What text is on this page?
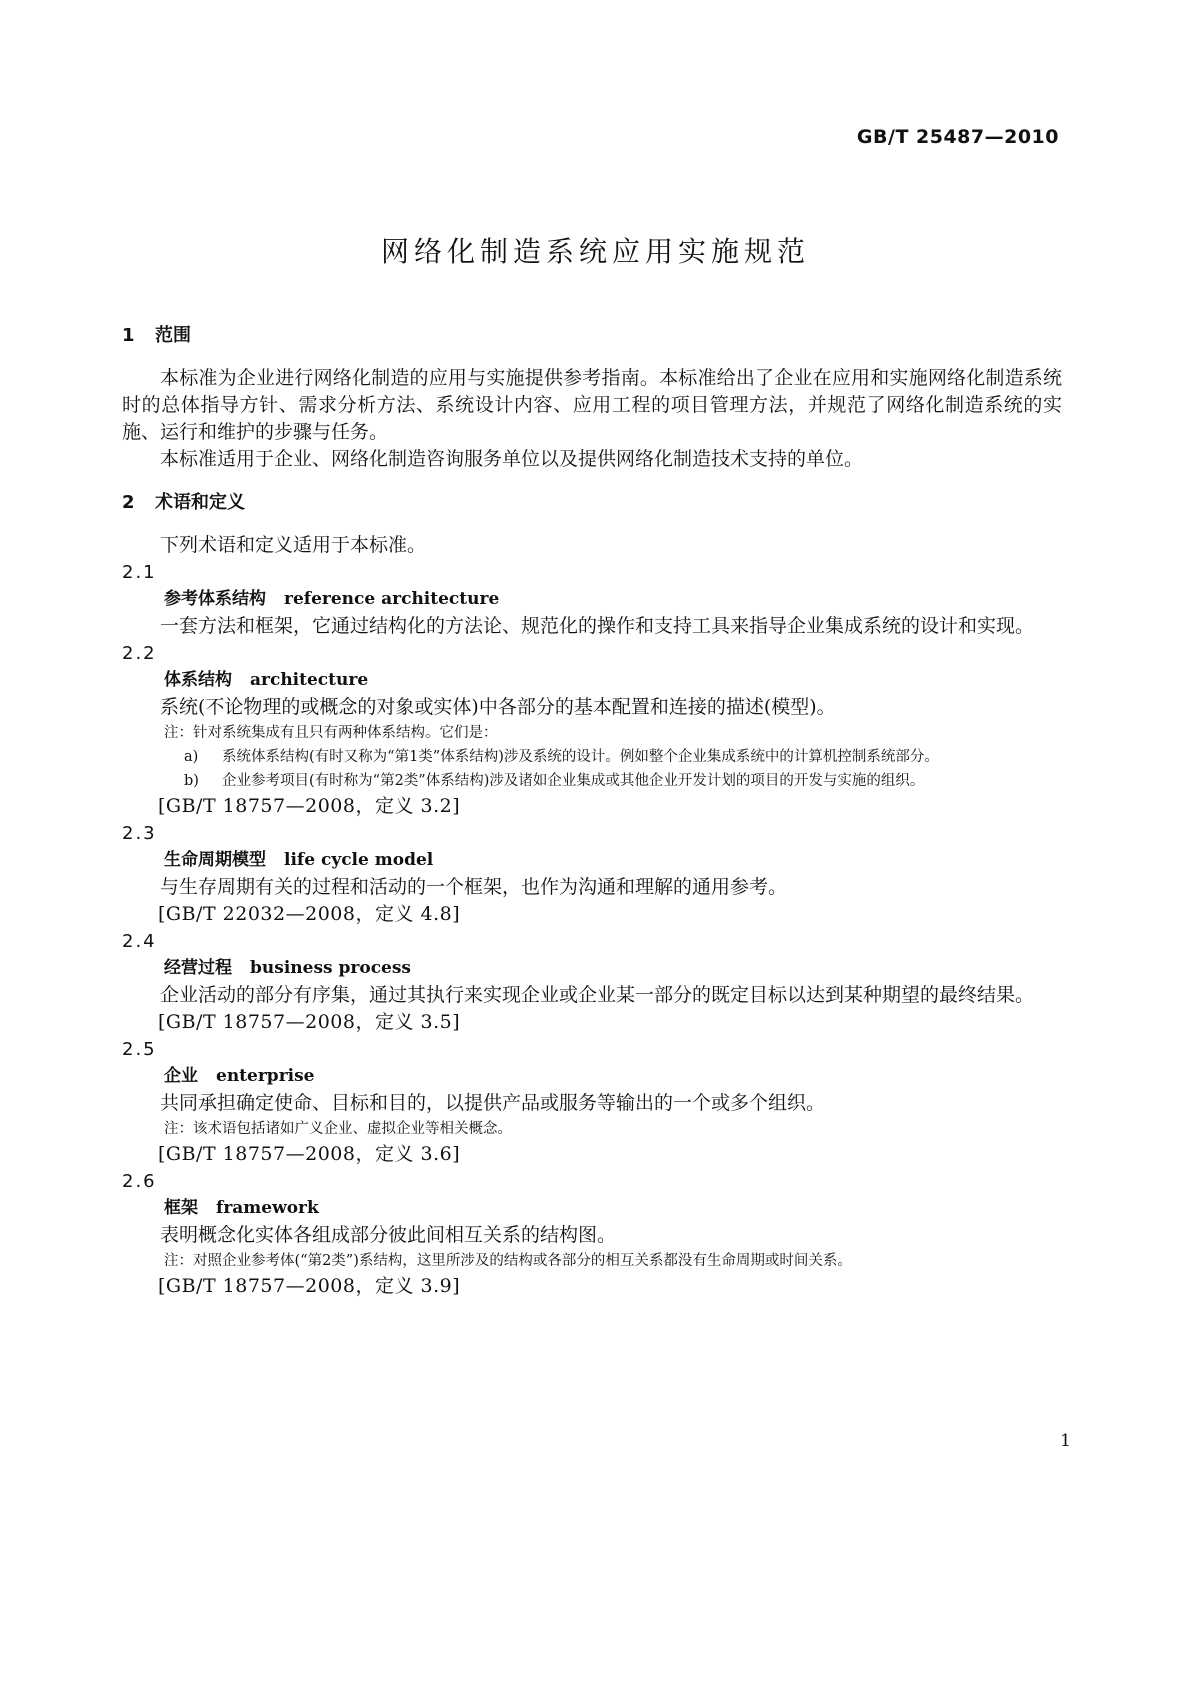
GB/T 25487—2010
网络化制造系统应用实施规范

1 范围

本标准为企业进行网络化制造的应用与实施提供参考指南。本标准给出了企业在应用和实施网络化制造系统时的总体指导方针、需求分析方法、系统设计内容、应用工程的项目管理方法，并规范了网络化制造系统的实施、运行和维护的步骤与任务。

本标准适用于企业、网络化制造咨询服务单位以及提供网络化制造技术支持的单位。

2 术语和定义

下列术语和定义适用于本标准。

2.1

参考体系结构 reference architecture

一套方法和框架，它通过结构化的方法论、规范化的操作和支持工具来指导企业集成系统的设计和实现。

2.2

体系结构 architecture

系统(不论物理的或概念的对象或实体)中各部分的基本配置和连接的描述(模型)。

注：针对系统集成有且只有两种体系结构。它们是：

a) 系统体系结构(有时又称为“第1类”体系结构)涉及系统的设计。例如整个企业集成系统中的计算机控制系统部分。

b) 企业参考项目(有时称为“第2类”体系结构)涉及诸如企业集成或其他企业开发计划的项目的开发与实施的组织。

[GB/T 18757—2008，定义 3.2]

2.3

生命周期模型 life cycle model

与生存周期有关的过程和活动的一个框架，也作为沟通和理解的通用参考。

[GB/T 22032—2008，定义 4.8]

2.4

经营过程 business process

企业活动的部分有序集，通过其执行来实现企业或企业某一部分的既定目标以达到某种期望的最终结果。

[GB/T 18757—2008，定义 3.5]

2.5

企业 enterprise

共同承担确定使命、目标和目的，以提供产品或服务等输出的一个或多个组织。

注：该术语包括诸如广义企业、虚拟企业等相关概念。

[GB/T 18757—2008，定义 3.6]

2.6

框架 framework

表明概念化实体各组成部分彼此间相互关系的结构图。

注：对照企业参考体(“第2类”)系结构，这里所涉及的结构或各部分的相互关系都没有生命周期或时间关系。

[GB/T 18757—2008，定义 3.9]

1
